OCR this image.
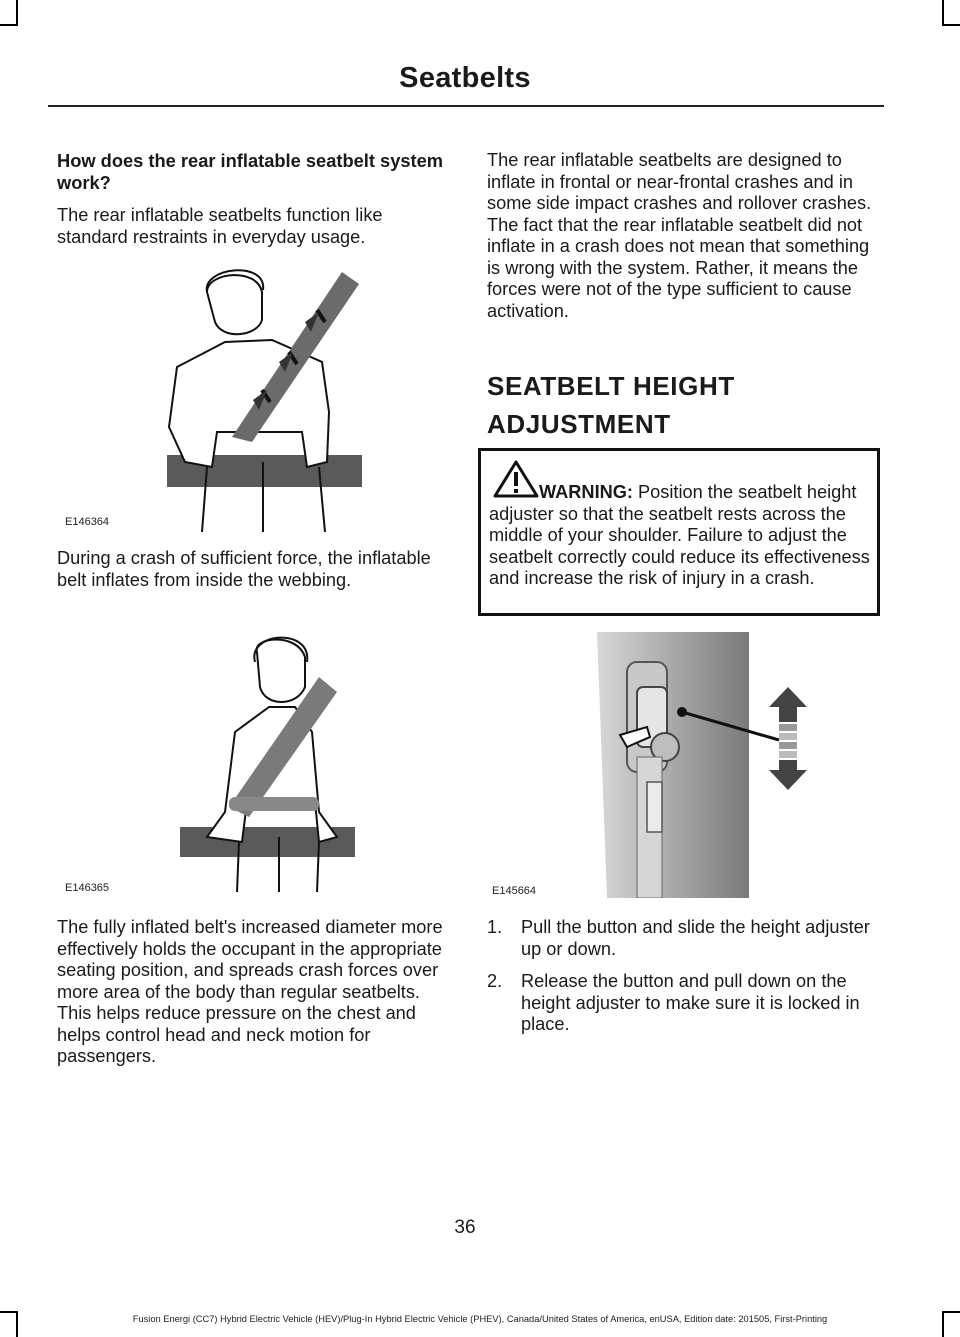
Seatbelts
How does the rear inflatable seatbelt system work?

The rear inflatable seatbelts function like standard restraints in everyday usage.

E146364
During a crash of sufficient force, the inflatable belt inflates from inside the webbing.
E146365
The fully inflated belt's increased diameter more effectively holds the occupant in the appropriate seating position, and spreads crash forces over more area of the body than regular seatbelts. This helps reduce pressure on the chest and helps control head and neck motion for passengers.
The rear inflatable seatbelts are designed to inflate in frontal or near-frontal crashes and in some side impact crashes and rollover crashes. The fact that the rear inflatable seatbelt did not inflate in a crash does not mean that something is wrong with the system. Rather, it means the forces were not of the type sufficient to cause activation.
SEATBELT HEIGHT
ADJUSTMENT
WARNING: Position the seatbelt height adjuster so that the seatbelt rests across the middle of your shoulder. Failure to adjust the seatbelt correctly could reduce its effectiveness and increase the risk of injury in a crash.
E145664
1. Pull the button and slide the height adjuster up or down.
2. Release the button and pull down on the height adjuster to make sure it is locked in place.
36
Fusion Energi (CC7) Hybrid Electric Vehicle (HEV)/Plug-In Hybrid Electric Vehicle (PHEV), Canada/United States of America, enUSA, Edition date: 201505, First-Printing
